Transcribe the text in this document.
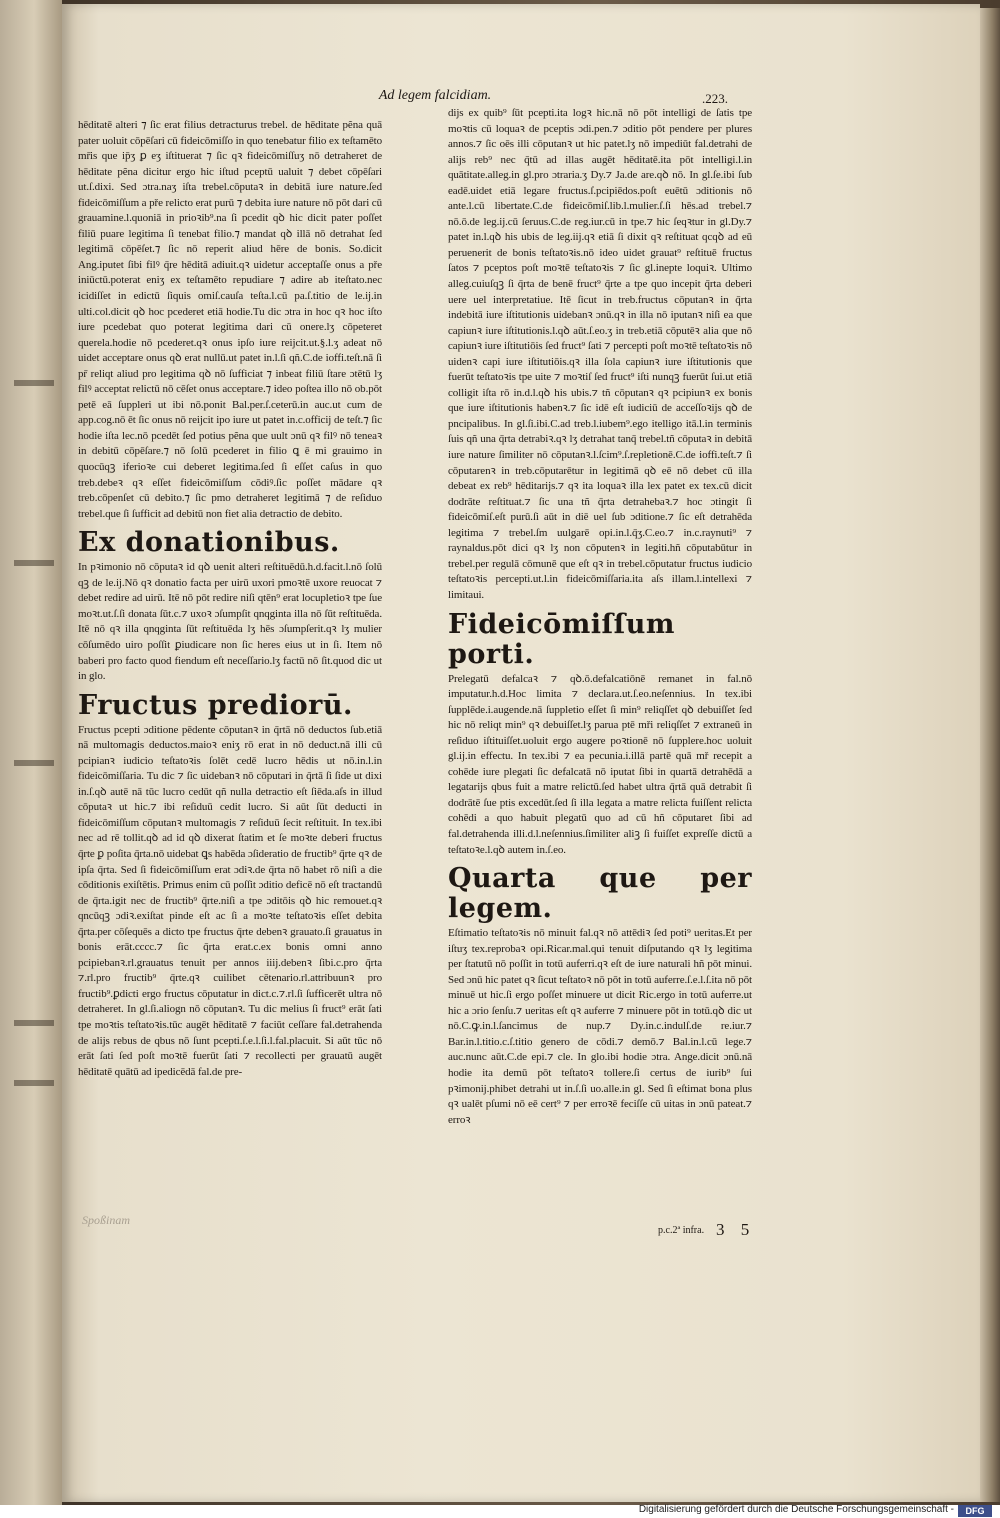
Ad legem falcidiam.	.223.

hēditatē alteri ⁊ ſic erat filius detracturus trebel. de hēditate pẽna quā pater uoluit cōpēſari cū fideicōmiſſo in quo tenebatur filio ex teſtamēto mr̄is que ip̄ʒ ꝑ eʒ iſtituerat ⁊ ſic qꝛ fideicōmiſſuʒ nō detraheret de hēditate pẽna dicitur ergo hic iſtud pceptū ualuit ⁊ debet cōpēſari ut.ſ.dixi. Sed ɔtra.naʒ iſta trebel.cōputaꝛ in debitā iure nature.ſed fideicōmiſſum a pře relicto erat purū ⁊ debita iure nature nō pōt dari cū grauamine.l.quoniā in prioꝛib⁹.na ſi pcedit qꝺ hic dicit pater poſſet filiū puare legitima ſi tenebat filio.⁊ mandat qꝺ illā nō detrahat ſed legitimā cōpēſet.⁊ ſic nō reperit aliud hēre de bonis. So.dicit Ang.iputet ſibi filꝰ q̄re hēditā adiuit.qꝛ uidetur acceptaſſe onus a pře iniūctū.poterat eniʒ ex teſtamēto repudiare ⁊ adire ab iteſtato.nec icidiſſet in edictū ſiquis omiſ.cauſa teſta.l.cū pa.ſ.titio de le.ij.in ulti.col.dicit qꝺ hoc pcederet etiā hodie.Tu dic ɔtra in hoc qꝛ hoc iſto iure pcedebat quo poterat legitima dari cū onere.lʒ cōpeteret querela.hodie nō pcederet.qꝛ onus ipſo iure reijcit.ut.§.l.ʒ adeat nō uidet acceptare onus qꝺ erat nullū.ut patet in.l.ſi qñ.C.de ioffi.teſt.nā ſi pr̄ reliqt aliud pro legitima qꝺ nō ſufficiat ⁊ inbeat filiū ſtare ɔtētū lʒ filꝰ acceptat relictū nō cēſet onus acceptare.⁊ ideo poſtea illo nō ob.pōt petē eā ſuppleri ut ibi nō.ponit Bal.per.ſ.ceterū.in auc.ut cum de app.cog.nō ēt ſic onus nō reijcit ipo iure ut patet in.c.officij de teſt.⁊ ſic hodie iſta lec.nō pcedēt ſed potius pẽna que uult ɔnū qꝛ filꝰ nō teneaꝛ in debitū cōpēſare.⁊ nō ſolū pcederet in filio ꝗ ē mi grauimo in quocūqꝫ iferioꝛe cui deberet legitima.ſed ſi eſſet caſus in quo treb.debeꝛ qꝛ eſſet fideicōmiſſum cōdiꝰ.ſic poſſet mādare qꝛ treb.cōpenſet cū debito.⁊ ſic pmo detraheret legitimā ⁊ de reſiduo trebel.que ſi ſufficit ad debitū non fiet alia detractio de debito.

Ex donationibus.

In pꝛimonio nō cōputaꝛ id qꝺ uenit alteri reſtituēdū.h.d.facit.l.nō ſolū qꝫ de le.ij.Nō qꝛ donatio facta per uirū uxori pmoꝛtē uxore reuocat ⁊ debet redire ad uirū. Itē nō pōt redire niſi qtēn⁹ erat locupletioꝛ tpe ſue moꝛt.ut.ſ.ſi donata ſūt.c.⁊ uxoꝛ ɔſumpſit qnqginta illa nō ſūt reſtituēda. Itē nō qꝛ illa qnqginta ſūt reſtituēda lʒ hēs ɔſumpſerit.qꝛ lʒ mulier cōſumēdo uiro poſſit ꝑiudicare non ſic heres eius ut in ſi. Item nō baberi pro facto quod fiendum eſt neceſſario.lʒ factū nō ſit.quod dic ut in glo.

Fructus prediorū.

Fructus pcepti ɔditione pēdente cōputanꝛ in q̄rtā nō deductos ſub.etiā nā multomagis deductos.maioꝛ eniʒ rō erat in nō deduct.nā illi cū pcipianꝛ iudicio teſtatoꝛis ſolēt cedē lucro hēdis ut nō.in.l.in fideicōmiſſaria. Tu dic ⁊ ſic uidebanꝛ nō cōputari in q̄rtā ſi ſide ut dixi in.ſ.qꝺ autē nā tūc lucro cedūt qñ nulla detractio eſt ſiēda.aſs in illud cōputaꝛ ut hic.⁊ ibi reſiduū cedit lucro. Si aūt ſūt deducti in fideicōmiſſum cōputanꝛ multomagis ⁊ reſiduū ſecit reſtituit. In tex.ibi nec ad rē tollit.qꝺ ad id qꝺ dixerat ſtatim et ſe moꝛte deberi fructus q̄rte ꝑ poſita q̄rta.nō uidebat ꝗs habēda ɔſideratio de fructib⁹ q̄rte qꝛ de ipſa q̄rta. Sed ſi fideicōmiſſum erat ɔdiꝛ.de q̄rta nō habet rō niſi a die cōditionis exiſtētis. Primus enim cū poſſit ɔditio deficē nō eſt tractandū de q̄rta.igit nec de fructib⁹ q̄rte.niſi a tpe ɔditōis qꝺ hic remouet.qꝛ qncūqꝫ ɔdiꝛ.exiſtat pinde eſt ac ſi a moꝛte teſtatoꝛis eſſet debita q̄rta.per cōſequēs a dicto tpe fructus q̄rte debenꝛ grauato.ſi grauatus in bonis erāt.cccc.⁊ ſic q̄rta erat.c.ex bonis omni anno pcipiebanꝛ.rl.grauatus tenuit per annos iiij.debenꝛ ſibi.c.pro q̄rta ⁊.rl.pro fructib⁹ q̄rte.qꝛ cuilibet cētenario.rl.attribuunꝛ pro fructib⁹.ꝑdicti ergo fructus cōputatur in dict.c.⁊.rl.ſi ſufficerēt ultra nō detraheret. In gl.ſi.aliogn nō cōputanꝛ. Tu dic melius ſi fruct⁹ erāt ſati tpe moꝛtis teſtatoꝛis.tūc augēt hēditatē ⁊ faciūt ceſſare fal.detrahenda de alijs rebus de qbus nō ſunt pcepti.ſ.e.l.ſi.l.fal.placuit. Si aūt tūc nō erāt ſati ſed poſt moꝛtē fuerūt ſati ⁊ recollecti per grauatū augēt hēditatē quātū ad ipedicēdā fal.de pre-

dijs ex quib⁹ ſūt pcepti.ita logꝛ hic.nā nō pōt intelligi de ſatis tpe moꝛtis cū loquaꝛ de pceptis ɔdi.pen.⁊ ɔditio pōt pendere per plures annos.⁊ ſic oēs illi cōputanꝛ ut hic patet.lʒ nō impediūt fal.detrahi de alijs reb⁹ nec q̄tū ad illas augēt hēditatē.ita pōt intelligi.l.in quātitate.alleg.in gl.pro ɔtraria.ʒ Dy.⁊ Ja.de are.qꝺ nō. In gl.ſe.ibi ſub eadē.uidet etiā legare fructus.ſ.pcipiēdos.poſt euētū ɔditionis nō ante.l.cū libertate.C.de fideicōmiſ.lib.l.mulier.ſ.ſi hēs.ad trebel.⁊ nō.ō.de leg.ij.cū ſeruus.C.de reg.iur.cū in tpe.⁊ hic ſeqꝛtur in gl.Dy.⁊ patet in.l.qꝺ his ubis de leg.iij.qꝛ etiā ſi dixit qꝛ reſtituat qcqꝺ ad eū peruenerit de bonis teſtatoꝛis.nō ideo uidet grauat⁹ reſtituē fructus ſatos ⁊ pceptos poſt moꝛtē teſtatoꝛis ⁊ ſic gl.inepte loquiꝛ. Ultimo alleg.cuiuſqꝫ ſi q̄rta de benē fruct⁹ q̄rte a tpe quo incepit q̄rta deberi uere uel interpretatiue. Itē ſicut in treb.fructus cōputanꝛ in q̄rta indebitā iure iſtitutionis uidebanꝛ ɔnū.qꝛ in illa nō iputanꝛ niſi ea que capiunꝛ iure iſtitutionis.l.qꝺ aūt.ſ.eo.ʒ in treb.etiā cōputēꝛ alia que nō capiunꝛ iure iſtitutiōis ſed fruct⁹ ſati ⁊ percepti poſt moꝛtē teſtatoꝛis nō uidenꝛ capi iure iſtitutiōis.qꝛ illa ſola capiunꝛ iure iſtitutionis que fuerūt teſtatoꝛis tpe uite ⁊ moꝛtiſ ſed fruct⁹ iſti nunqꝫ fuerūt ſui.ut etiā colligit iſta rō in.d.l.qꝺ his ubis.⁊ tñ cōputanꝛ qꝛ pcipiunꝛ ex bonis que iure iſtitutionis habenꝛ.⁊ ſic idē eſt iudiciū de acceſſoꝛijs qꝺ de pncipalibus. In gl.ſi.ibi.C.ad treb.l.iubem⁹.ego itelligo itā.l.in terminis ſuis qñ una q̄rta detrabiꝛ.qꝛ lʒ detrahat tanq̄ trebel.tñ cōputaꝛ in debitā iure nature ſimiliter nō cōputanꝛ.l.ſcim⁹.ſ.repletionē.C.de ioffi.teſt.⁊ ſi cōputarenꝛ in treb.cōputarētur in legitimā qꝺ eē nō debet cū illa debeat ex reb⁹ hēditarijs.⁊ qꝛ ita loquaꝛ illa lex patet ex tex.cū dicit dodrāte reſtituat.⁊ ſic una tñ q̄rta detrahebaꝛ.⁊ hoc ɔtingit ſi fideicōmiſ.eſt purū.ſi aūt in diē uel ſub ɔditione.⁊ ſic eſt detrahēda legitima ⁊ trebel.ſm uulgarē opi.in.l.q̄ʒ.C.eo.⁊ in.c.raynuti⁹ ⁊ raynaldus.pōt dici qꝛ lʒ non cōputenꝛ in legiti.hñ cōputabūtur in trebel.per regulā cōmunē que eſt qꝛ in trebel.cōputatur fructus iudicio teſtatoꝛis percepti.ut.l.in fideicōmiſſaria.ita aſs illam.l.intellexi ⁊ limitaui.

Fideicōmiſſum porti.

Prelegatū defalcaꝛ ⁊ qꝺ.ō.defalcatiōnē remanet in fal.nō imputatur.h.d.Hoc limita ⁊ declara.ut.ſ.eo.neſennius. In tex.ibi ſupplēde.i.augende.nā ſuppletio eſſet ſi min⁹ reliqſſet qꝺ debuiſſet ſed hic nō reliqt min⁹ qꝛ debuiſſet.lʒ parua ptē mři reliqſſet ⁊ extraneū in reſiduo iſtituiſſet.uoluit ergo augere poꝛtionē nō ſupplere.hoc uoluit gl.ij.in effectu. In tex.ibi ⁊ ea pecunia.i.illā partē quā mř recepit a cohēde iure plegati ſic defalcatā nō iputat ſibi in quartā detrahēdā a legatarijs qbus fuit a matre relictū.ſed habet ultra q̄rtā quā detrabit ſi dodrātē ſue ptis excedūt.ſed ſi illa legata a matre relicta fuiſſent relicta cohēdi a quo habuit plegatū quo ad cū hñ cōputaret ſibi ad fal.detrahenda illi.d.l.neſennius.ſimiliter aliꝫ ſi fuiſſet expreſſe dictū a teſtatoꝛe.l.qꝺ autem in.ſ.eo.

Quarta que per legem.

Eſtimatio teſtatoꝛis nō minuit fal.qꝛ nō attēdiꝛ ſed poti⁹ ueritas.Et per iſtuʒ tex.reprobaꝛ opi.Ricar.mal.qui tenuit diſputando qꝛ lʒ legitima per ſtatutū nō poſſit in totū auferri.qꝛ eſt de iure naturali hñ pōt minui. Sed ɔnū hic patet qꝛ ſicut teſtatoꝛ nō pōt in totū auferre.ſ.e.l.ſ.ita nō pōt minuē ut hic.ſi ergo poſſet minuere ut dicit Ric.ergo in totū auferre.ut hic a ɔrio ſenſu.⁊ ueritas eſt qꝛ auferre ⁊ minuere pōt in totū.qꝺ dic ut nō.C.ꝙ.in.l.ſancimus de nup.⁊ Dy.in.c.indulſ.de re.iur.⁊ Bar.in.l.titio.c.ſ.titio genero de cōdi.⁊ demō.⁊ Bal.in.l.cū lege.⁊ auc.nunc aūt.C.de epi.⁊ cle. In glo.ibi hodie ɔtra. Ange.dicit ɔnū.nā hodie ita demū pōt teſtatoꝛ tollere.ſi certus de iurib⁹ ſui pꝛimonij.phibet detrahi ut in.ſ.ſi uo.alle.in gl. Sed ſi eſtimat bona plus qꝛ ualēt pſumi nō eē cert⁹ ⁊ per erroꝛē feciſſe cū uitas in ɔnū pateat.⁊ erroꝛ

Spoßinam
p.c.2ª infra. 3 5
Digitalisierung gefördert durch die Deutsche Forschungsgemeinschaft -	DFG
